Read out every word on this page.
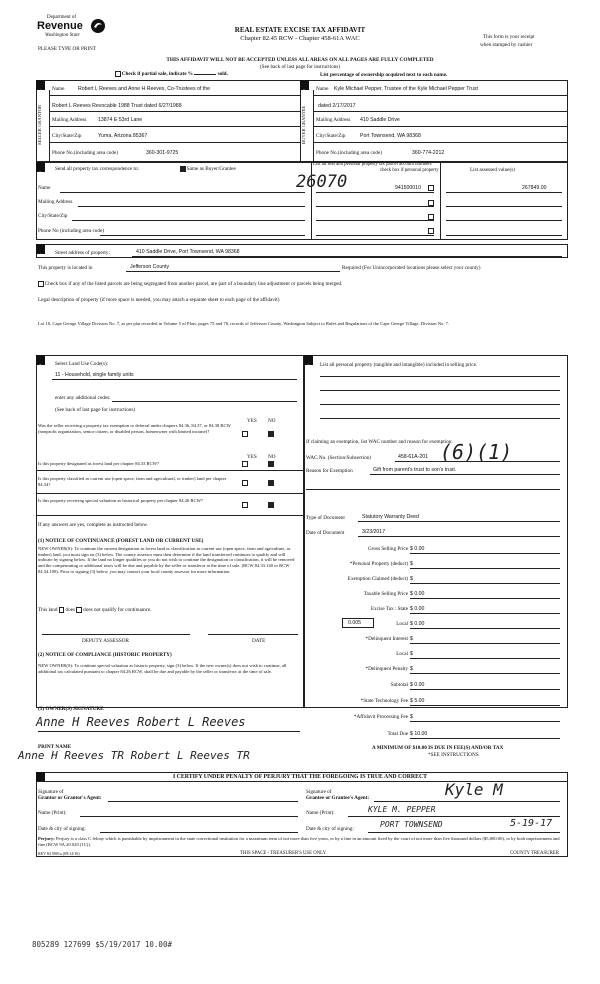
Department of
Revenue
Washington State
PLEASE TYPE OR PRINT
REAL ESTATE EXCISE TAX AFFIDAVIT
Chapter 82.45 RCW - Chapter 458-61A WAC	This form is your receipt
when stamped by cashier
THIS AFFIDAVIT WILL NOT BE ACCEPTED UNLESS ALL AREAS ON ALL PAGES ARE FULLY COMPLETED
(See back of last page for instructions)
Check if partial sale, indicate %	sold.	List percentage of ownership acquired next to each name.
1	2
SELLER GRANTOR	BUYER GRANTEE
Name	Robert L Reeves and Anne H Reeves, Co-Trustees of the
Robert L Reeves Revocable 1988 Trust dated 6/27/1988
Mailing Address 13874 E 53rd Lane
City/State/Zip	Yuma, Arizona 85367
Phone No.(including area code)	360-301-9725
Name Kyle Michael Pepper, Trustee of the Kyle Michael Pepper Trust
dated 2/17/2017
Mailing Address 410 Saddle Drive
City/State/Zip	Port Townsend, WA 98368
Phone No.(including area code)	360-774-2212
3
Send all property tax correspondence to:	Same as Buyer/Grantee
List all real and personal property tax parcel account numbers
check box if personal property	List assessed value(s)
26070
Name	941500010	267849.00
Mailing Address
City/State/Zip
Phone No (including area code)
4
Street address of property:	410 Saddle Drive, Port Townsend, WA 98368
This property is located in	Jefferson County	Required (For Unincorporated locations please select your county)
Check box if any of the listed parcels are being segregated from another parcel, are part of a boundary line adjustment or parcels being merged.
Legal description of property (if more space is needed, you may attach a separate sheet to each page of the affidavit)
Lot 10, Cape George Village Division No. 7, as per plat recorded in Volume 5 of Plats, pages 75 and 76, records of Jefferson County, Washington Subject to Rules and Regulations of the Cape George Village, Division No. 7.
5
Select Land Use Code(s):
11 - Household, single family units
enter any additional codes:
(See back of last page for instructions)
YES NO
Was the seller receiving a property tax exemption or deferral under chapters 84.36, 84.37, or 84.38 RCW (nonprofit organization, senior citizen, or disabled person, homeowner with limited income)?
YES NO
Is this property designated as forest land per chapter 84.33 RCW?
Is this property classified as current use (open space, farm and agricultural, or timber) land per chapter 84.34?
Is this property receiving special valuation as historical property per chapter 84.26 RCW?
If any answers are yes, complete as instructed below.
(1) NOTICE OF CONTINUANCE (FOREST LAND OR CURRENT USE)
NEW OWNER(S): To continue the current designation as forest land or classification as current use (open space, farm and agriculture, or timber) land, you must sign on (3) below. The county assessor must then determine if the land transferred continues to qualify and will indicate by signing below. If the land no longer qualifies or you do not wish to continue the designation or classification, it will be removed and the compensating or additional taxes will be due and payable by the seller or transferor at the time of sale. (RCW 84.33.140 or RCW 84.34.108). Prior to signing (3) below, you may contact your local county assessor for more information.
This land does does not qualify for continuance.
DEPUTY ASSESSOR	DATE
(2) NOTICE OF COMPLIANCE (HISTORIC PROPERTY)
NEW OWNER(S): To continue special valuation as historic property, sign (3) below. If the new owner(s) does not wish to continue, all additional tax calculated pursuant to chapter 84.26 RCW, shall be due and payable by the seller or transferor at the time of sale.
(3) OWNER(S) SIGNATURE
Anne H Reeves Robert L Reeves
PRINT NAME
Anne H Reeves TR Robert L Reeves TR
6	List all personal property (tangible and intangible) included in selling price.
If claiming an exemption, list WAC number and reason for exemption:
WAC No. (Section/Subsection)	458-61A-201 (6)(1)
Reason for Exemption	Gift from parent's trust to son's trust.
Type of Document	Statutory Warranty Deed
Date of Document	3/23/2017
Gross Selling Price $ 0.00
*Personal Property (deduct) $
Exemption Claimed (deduct) $
Taxable Selling Price $ 0.00
Excise Tax : State $ 0.00
0.005	Local $ 0.00
*Delinquent Interest $
Local $
*Delinquent Penalty $
Subtotal $ 0.00
*State Technology Fee $ 5.00
*Affidavit Processing Fee $
Total Due $ 10.00
A MINIMUM OF $10.00 IS DUE IN FEE(S) AND/OR TAX
*SEE INSTRUCTIONS
8
I CERTIFY UNDER PENALTY OF PERJURY THAT THE FOREGOING IS TRUE AND CORRECT
Signature of
Grantor or Grantor's Agent:
Signature of
Grantee or Grantee's Agent:	Kyle M
Name (Print):	Name (Print):	KYLE M. PEPPER
Date & city of signing:	Date & city of signing:	PORT TOWNSEND	5-19-17
Perjury: Perjury is a class C felony which is punishable by imprisonment in the state correctional institution for a maximum term of not more than five years, or by a fine in an amount fixed by the court of not more than five thousand dollars ($5,000.00), or by both imprisonment and fine (RCW 9A.20.020 (1C)).
REV 84 0001a (09/14/16)	THIS SPACE - TREASURER'S USE ONLY	COUNTY TREASURER
805289 127699 $5/19/2017 10.00#
